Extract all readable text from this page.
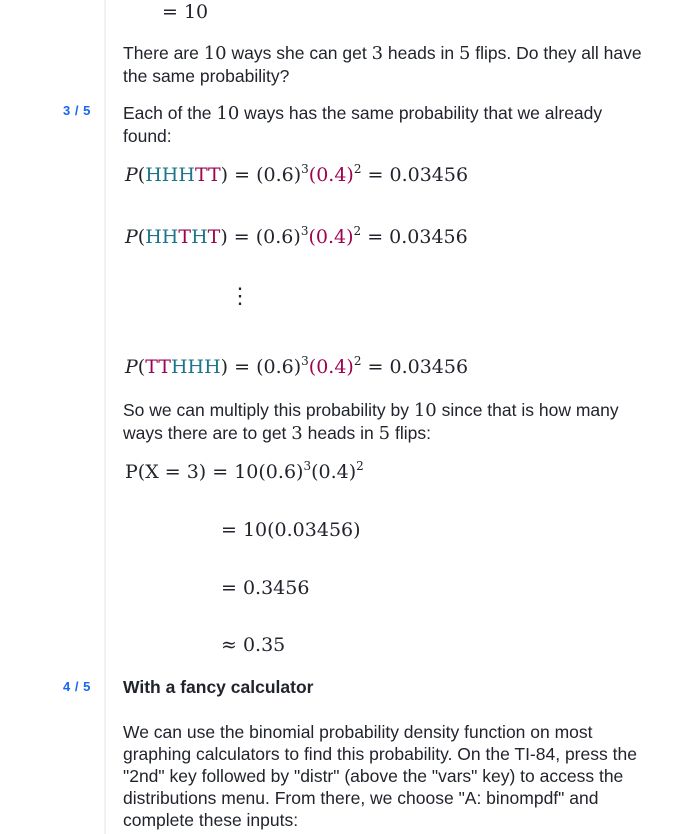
= 10
There are 10 ways she can get 3 heads in 5 flips. Do they all have the same probability?
3 / 5 Each of the 10 ways has the same probability that we already found:
P(HHHTT) = $(0.6)^3(0.4)^2 = 0.03456$
P(HHTHT) = $(0.6)^3(0.4)^2 = 0.03456$
⋮
P(TTHHH) = $(0.6)^3(0.4)^2 = 0.03456$
So we can multiply this probability by 10 since that is how many ways there are to get 3 heads in 5 flips:
$P(X = 3) = 10(0.6)^3(0.4)^2$
= 10(0.03456)
= 0.3456
≈ 0.35
4 / 5 With a fancy calculator
We can use the binomial probability density function on most graphing calculators to find this probability. On the TI-84, press the "2nd" key followed by "distr" (above the "vars" key) to access the distributions menu. From there, we choose "A: binompdf" and complete these inputs:
